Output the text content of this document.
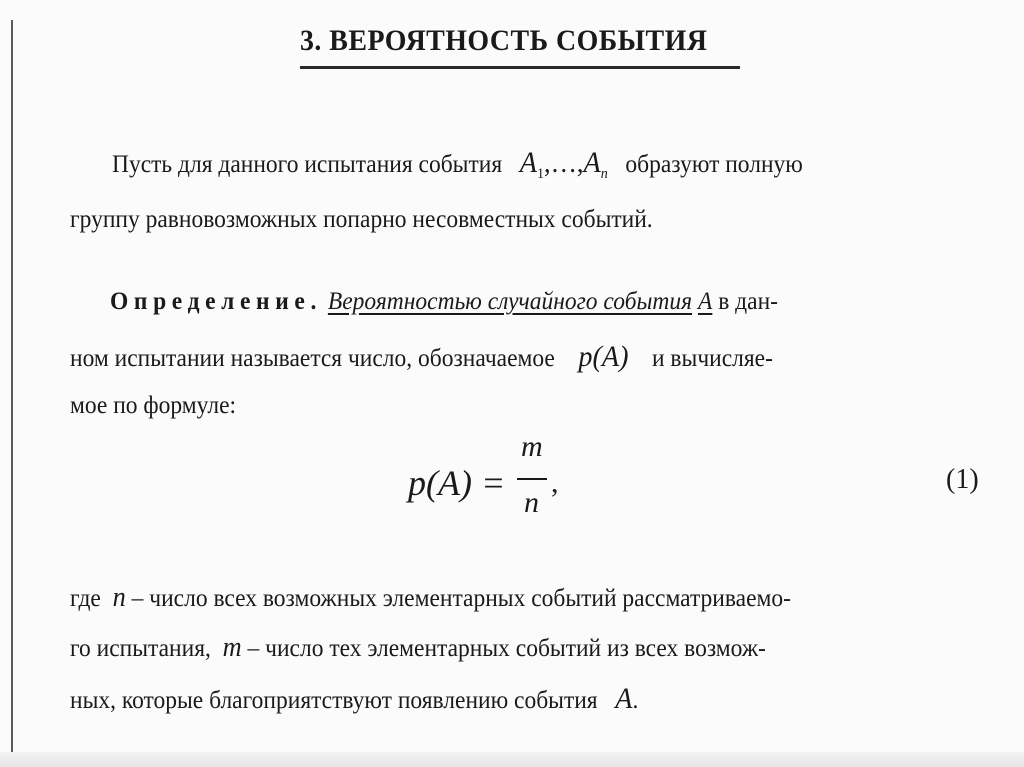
3. ВЕРОЯТНОСТЬ СОБЫТИЯ
Пусть для данного испытания события $A_1,\dots,A_n$ образуют полную
группу равновозможных попарно несовместных событий.
Определение. Вероятностью случайного события A в дан-
ном испытании называется число, обозначаемое p(A) и вычисляе-
мое по формуле:
p(A) =
m
n
,	(1)
где n – число всех возможных элементарных событий рассматриваемо-
го испытания, m – число тех элементарных событий из всех возмож-
ных, которые благоприятствуют появлению события A.
